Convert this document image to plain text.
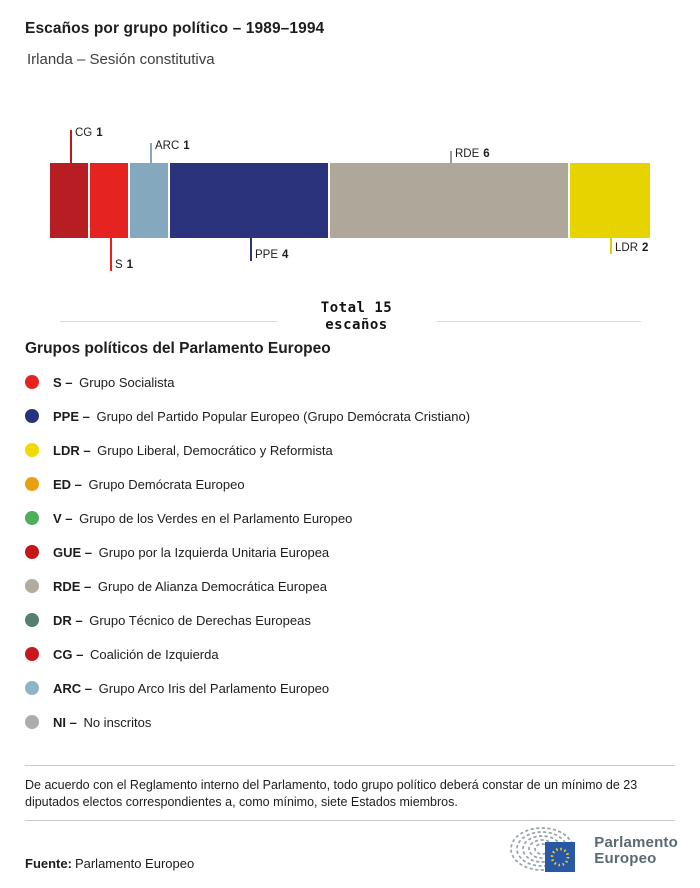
Escaños por grupo político – 1989–1994
Irlanda – Sesión constitutiva
CG 1
S 1
ARC 1
PPE 4
RDE 6
LDR 2
Total 15
escaños
Grupos políticos del Parlamento Europeo
S – Grupo Socialista
PPE – Grupo del Partido Popular Europeo (Grupo Demócrata Cristiano)
LDR – Grupo Liberal, Democrático y Reformista
ED – Grupo Demócrata Europeo
V – Grupo de los Verdes en el Parlamento Europeo
GUE – Grupo por la Izquierda Unitaria Europea
RDE – Grupo de Alianza Democrática Europea
DR – Grupo Técnico de Derechas Europeas
CG – Coalición de Izquierda
ARC – Grupo Arco Iris del Parlamento Europeo
NI – No inscritos
De acuerdo con el Reglamento interno del Parlamento, todo grupo político deberá constar de un mínimo de 23 diputados electos correspondientes a, como mínimo, siete Estados miembros.
Fuente: Parlamento Europeo
Parlamento
Europeo
